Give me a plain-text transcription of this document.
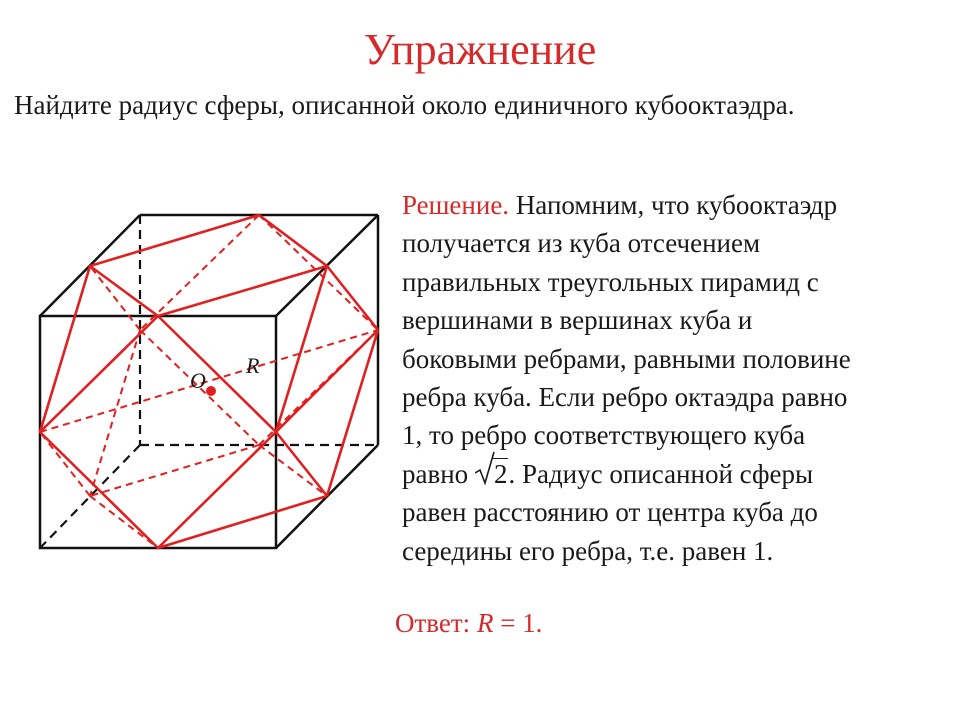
Упражнение
Найдите радиус сферы, описанной около единичного кубооктаэдра.
O
R
Решение. Напомним, что кубооктаэдр
получается из куба отсечением
правильных треугольных пирамид с
вершинами в вершинах куба и
боковыми ребрами, равными половине
ребра куба. Если ребро октаэдра равно
1, то ребро соответствующего куба
равно
2. Радиус описанной сферы
равен расстоянию от центра куба до
середины его ребра, т.е. равен 1.
Ответ: R = 1.
